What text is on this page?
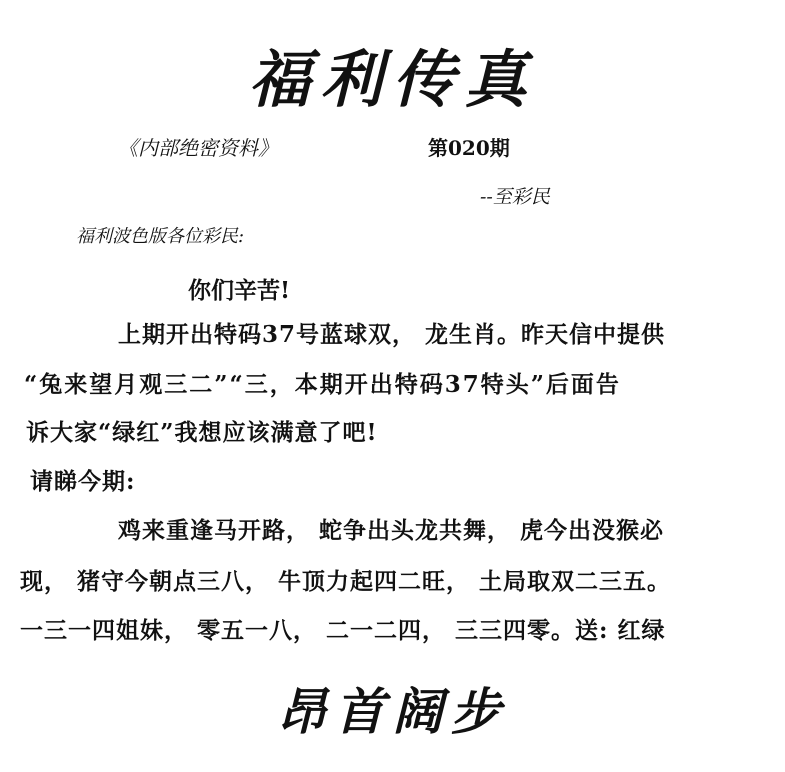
福利传真
《内部绝密资料》	第020期
--至彩民
福利波色版各位彩民:
你们辛苦!
上期开出特码37号蓝球双， 龙生肖。昨天信中提供
“兔来望月观三二”“三，本期开出特码37特头”后面告
诉大家“绿红”我想应该满意了吧!
请睇今期:
鸡来重逢马开路， 蛇争出头龙共舞， 虎今出没猴必
现， 猪守今朝点三八， 牛顶力起四二旺， 土局取双二三五。
一三一四姐妹， 零五一八， 二一二四， 三三四零。送: 红绿
昂首阔步
